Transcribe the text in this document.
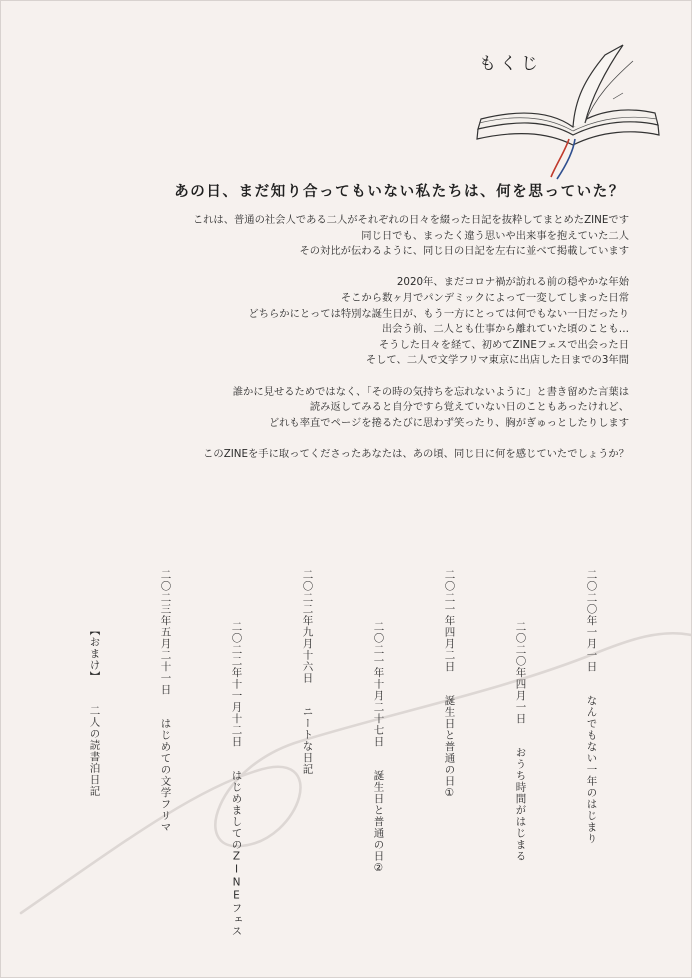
もくじ
あの日、まだ知り合ってもいない私たちは、何を思っていた？
これは、普通の社会人である二人がそれぞれの日々を綴った日記を抜粋してまとめたZINEです
同じ日でも、まったく違う思いや出来事を抱えていた二人
その対比が伝わるように、同じ日の日記を左右に並べて掲載しています
2020年、まだコロナ禍が訪れる前の穏やかな年始
そこから数ヶ月でパンデミックによって一変してしまった日常
どちらかにとっては特別な誕生日が、もう一方にとっては何でもない一日だったり
出会う前、二人とも仕事から離れていた頃のことも…
そうした日々を経て、初めてZINEフェスで出会った日
そして、二人で文学フリマ東京に出店した日までの3年間
誰かに見せるためではなく、「その時の気持ちを忘れないように」と書き留めた言葉は
読み返してみると自分ですら覚えていない日のこともあったけれど、
どれも率直でページを捲るたびに思わず笑ったり、胸がぎゅっとしたりします
このZINEを手に取ってくださったあなたは、あの頃、同じ日に何を感じていたでしょうか？
二〇二〇年一月一日なんでもない一年のはじまり
二〇二〇年四月一日おうち時間がはじまる
二〇二一年四月二日誕生日と普通の日①
二〇二一年十月二十七日誕生日と普通の日②
二〇二二年九月十六日ニートな日記
二〇二二年十一月十二日はじめましてのZINEフェス
二〇二三年五月二十一日はじめての文学フリマ
【おまけ】二人の読書泊日記
